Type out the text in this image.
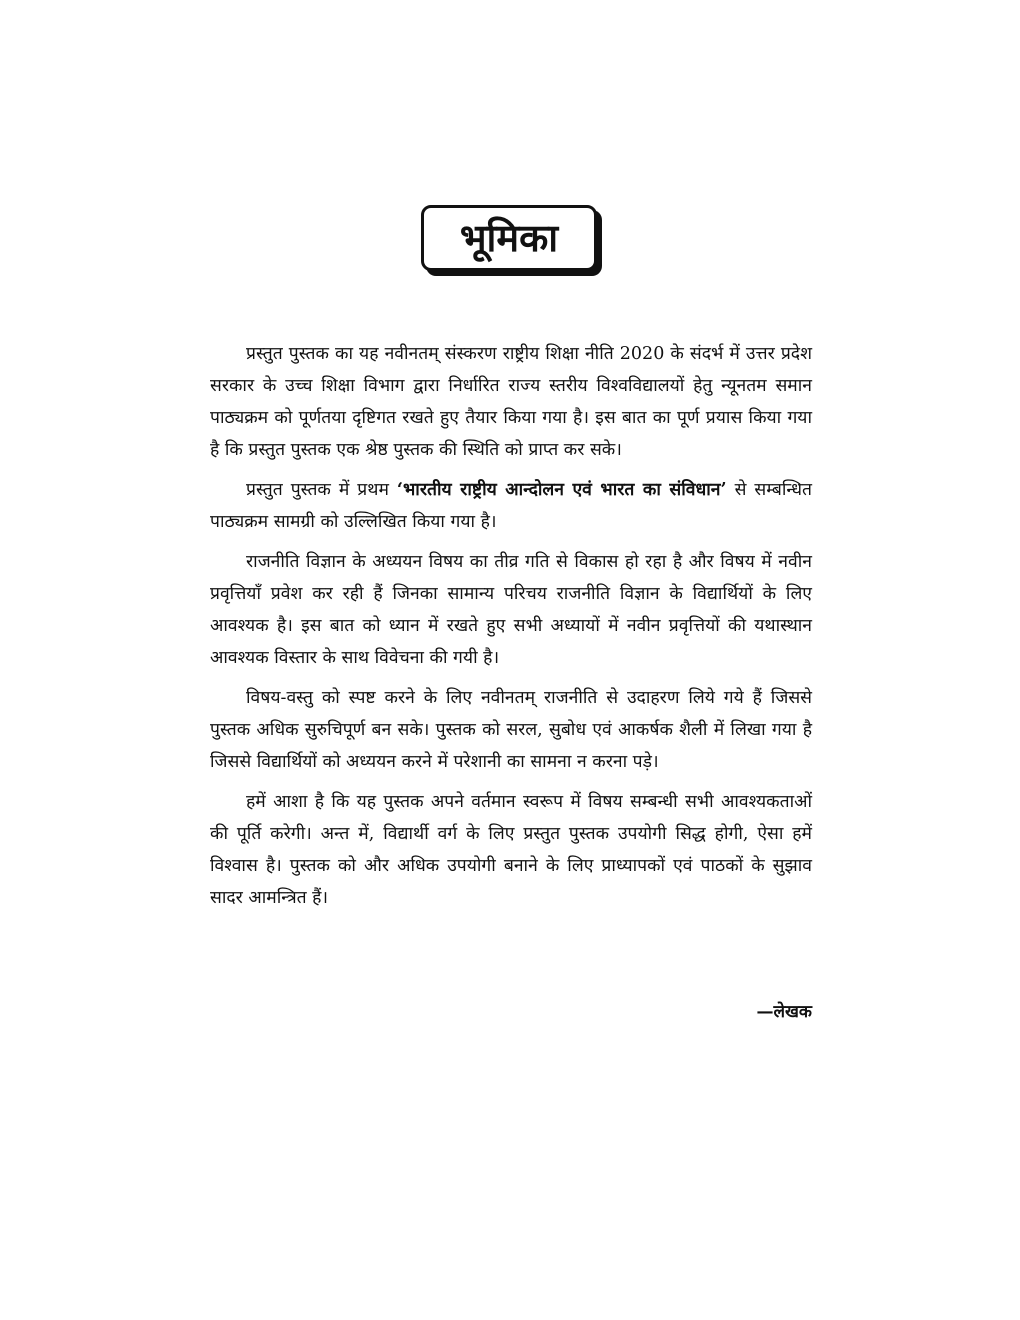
भूमिका

प्रस्तुत पुस्तक का यह नवीनतम् संस्करण राष्ट्रीय शिक्षा नीति 2020 के संदर्भ में उत्तर प्रदेश सरकार के उच्च शिक्षा विभाग द्वारा निर्धारित राज्य स्तरीय विश्वविद्यालयों हेतु न्यूनतम समान पाठ्यक्रम को पूर्णतया दृष्टिगत रखते हुए तैयार किया गया है। इस बात का पूर्ण प्रयास किया गया है कि प्रस्तुत पुस्तक एक श्रेष्ठ पुस्तक की स्थिति को प्राप्त कर सके।

प्रस्तुत पुस्तक में प्रथम ‘भारतीय राष्ट्रीय आन्दोलन एवं भारत का संविधान’ से सम्बन्धित पाठ्यक्रम सामग्री को उल्लिखित किया गया है।

राजनीति विज्ञान के अध्ययन विषय का तीव्र गति से विकास हो रहा है और विषय में नवीन प्रवृत्तियाँ प्रवेश कर रही हैं जिनका सामान्य परिचय राजनीति विज्ञान के विद्यार्थियों के लिए आवश्यक है। इस बात को ध्यान में रखते हुए सभी अध्यायों में नवीन प्रवृत्तियों की यथास्थान आवश्यक विस्तार के साथ विवेचना की गयी है।

विषय-वस्तु को स्पष्ट करने के लिए नवीनतम् राजनीति से उदाहरण लिये गये हैं जिससे पुस्तक अधिक सुरुचिपूर्ण बन सके। पुस्तक को सरल, सुबोध एवं आकर्षक शैली में लिखा गया है जिससे विद्यार्थियों को अध्ययन करने में परेशानी का सामना न करना पड़े।

हमें आशा है कि यह पुस्तक अपने वर्तमान स्वरूप में विषय सम्बन्धी सभी आवश्यकताओं की पूर्ति करेगी। अन्त में, विद्यार्थी वर्ग के लिए प्रस्तुत पुस्तक उपयोगी सिद्ध होगी, ऐसा हमें विश्वास है। पुस्तक को और अधिक उपयोगी बनाने के लिए प्राध्यापकों एवं पाठकों के सुझाव सादर आमन्त्रित हैं।

—लेखक
